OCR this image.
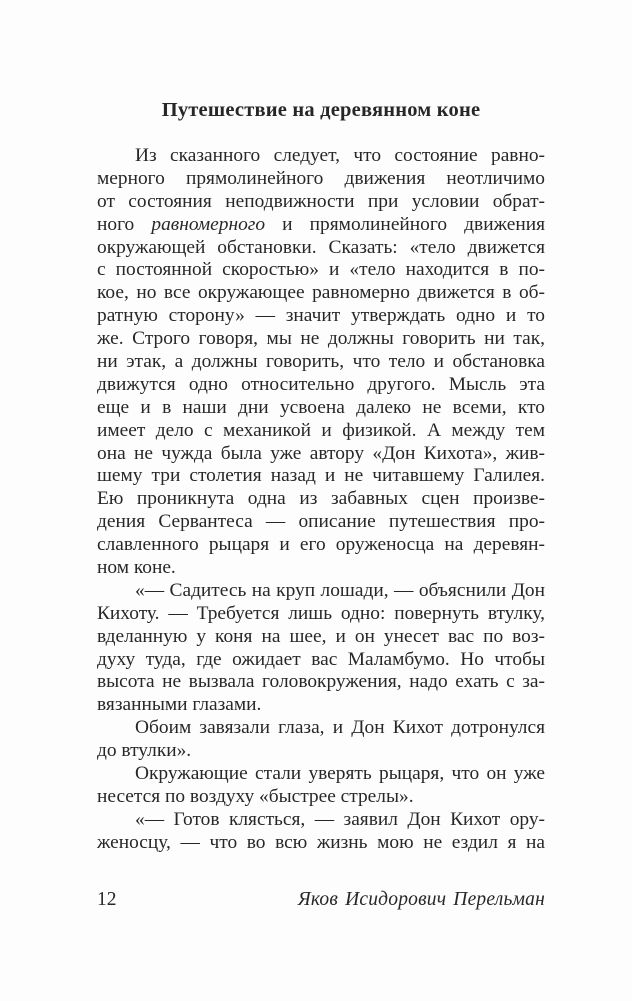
Путешествие на деревянном коне
Из сказанного следует, что состояние равно-
мерного прямолинейного движения неотличимо
от состояния неподвижности при условии обрат-
ного равномерного и прямолинейного движения
окружающей обстановки. Сказать: «тело движется
с постоянной скоростью» и «тело находится в по-
кое, но все окружающее равномерно движется в об-
ратную сторону» — значит утверждать одно и то
же. Строго говоря, мы не должны говорить ни так,
ни этак, а должны говорить, что тело и обстановка
движутся одно относительно другого. Мысль эта
еще и в наши дни усвоена далеко не всеми, кто
имеет дело с механикой и физикой. А между тем
она не чужда была уже автору «Дон Кихота», жив-
шему три столетия назад и не читавшему Галилея.
Ею проникнута одна из забавных сцен произве-
дения Сервантеса — описание путешествия про-
славленного рыцаря и его оруженосца на деревян-
ном коне.
«— Садитесь на круп лошади, — объяснили Дон
Кихоту. — Требуется лишь одно: повернуть втулку,
вделанную у коня на шее, и он унесет вас по воз-
духу туда, где ожидает вас Маламбумо. Но чтобы
высота не вызвала головокружения, надо ехать с за-
вязанными глазами.
Обоим завязали глаза, и Дон Кихот дотронулся
до втулки».
Окружающие стали уверять рыцаря, что он уже
несется по воздуху «быстрее стрелы».
«— Готов клясться, — заявил Дон Кихот ору-
женосцу, — что во всю жизнь мою не ездил я на
12	Яков Исидорович Перельман
